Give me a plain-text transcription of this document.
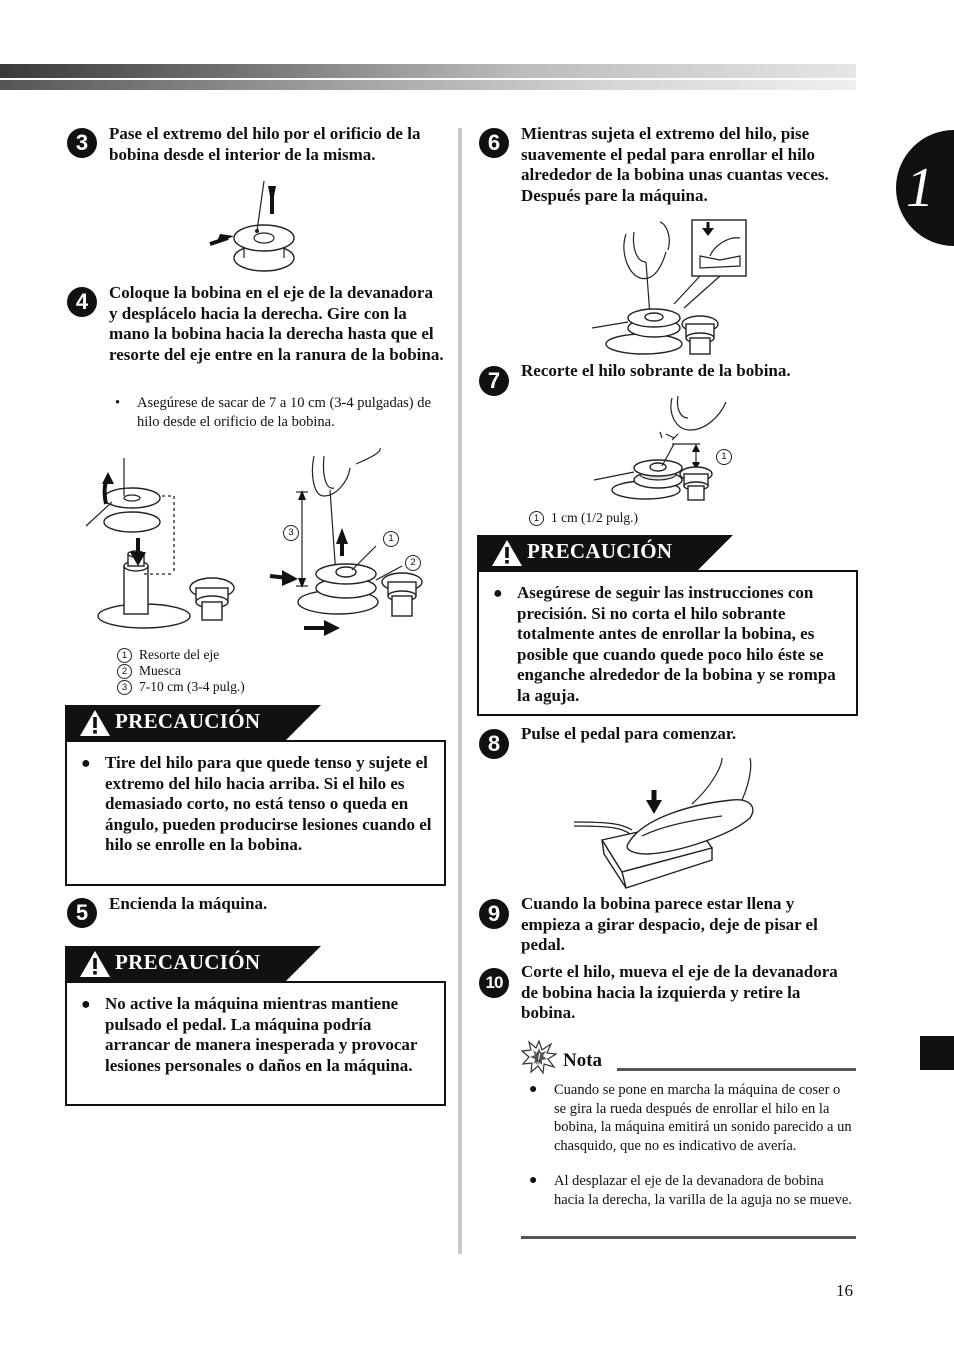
1
3	Pase el extremo del hilo por el orificio de la bobina desde el interior de la misma.
4	Coloque la bobina en el eje de la devanadora y desplácelo hacia la derecha. Gire con la mano la bobina hacia la derecha hasta que el resorte del eje entre en la ranura de la bobina.
• Asegúrese de sacar de 7 a 10 cm (3-4 pulgadas) de hilo desde el orificio de la bobina.
1
2
3
1 Resorte del eje
2 Muesca
3 7-10 cm (3-4 pulg.)
PRECAUCIÓN
● Tire del hilo para que quede tenso y sujete el extremo del hilo hacia arriba. Si el hilo es demasiado corto, no está tenso o queda en ángulo, pueden producirse lesiones cuando el hilo se enrolle en la bobina.
5	Encienda la máquina.
PRECAUCIÓN
● No active la máquina mientras mantiene pulsado el pedal. La máquina podría arrancar de manera inesperada y provocar lesiones personales o daños en la máquina.
6	Mientras sujeta el extremo del hilo, pise suavemente el pedal para enrollar el hilo alrededor de la bobina unas cuantas veces. Después pare la máquina.
7	Recorte el hilo sobrante de la bobina.
1
1 1 cm (1/2 pulg.)
PRECAUCIÓN
● Asegúrese de seguir las instrucciones con precisión. Si no corta el hilo sobrante totalmente antes de enrollar la bobina, es posible que cuando quede poco hilo éste se enganche alrededor de la bobina y se rompa la aguja.
8	Pulse el pedal para comenzar.
9	Cuando la bobina parece estar llena y empieza a girar despacio, deje de pisar el pedal.
10
Corte el hilo, mueva el eje de la devanadora de bobina hacia la izquierda y retire la bobina.
! Nota
● Cuando se pone en marcha la máquina de coser o se gira la rueda después de enrollar el hilo en la bobina, la máquina emitirá un sonido parecido a un chasquido, que no es indicativo de avería.
● Al desplazar el eje de la devanadora de bobina hacia la derecha, la varilla de la aguja no se mueve.
16
